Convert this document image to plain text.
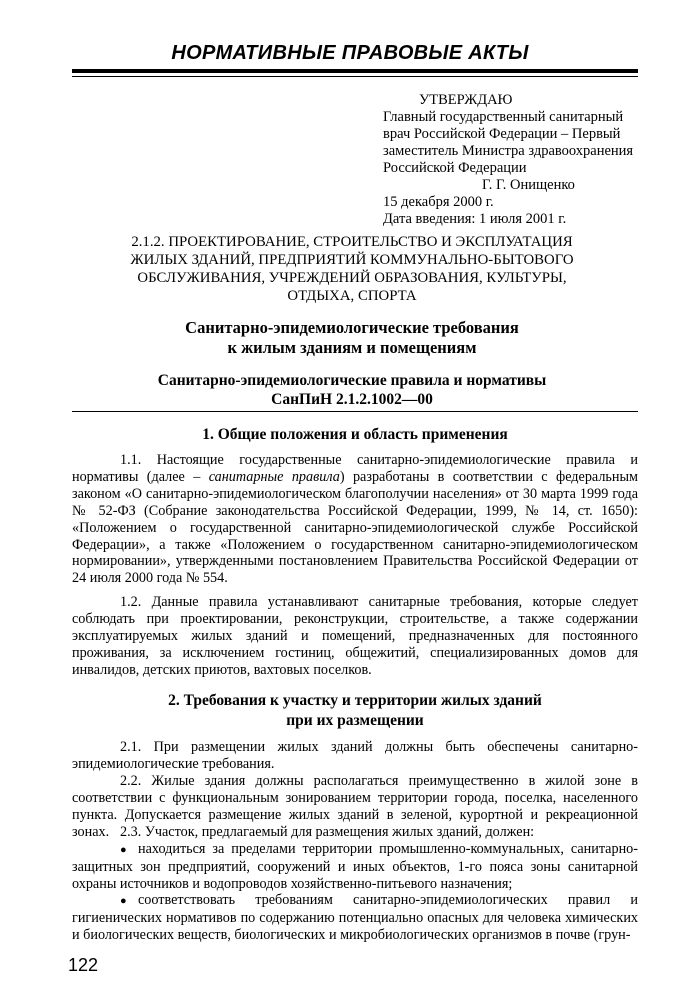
НОРМАТИВНЫЕ ПРАВОВЫЕ АКТЫ
УТВЕРЖДАЮ
Главный государственный санитарный
врач Российской Федерации – Первый
заместитель Министра здравоохранения
Российской Федерации
Г. Г. Онищенко
15 декабря 2000 г.
Дата введения: 1 июля 2001 г.
2.1.2. ПРОЕКТИРОВАНИЕ, СТРОИТЕЛЬСТВО И ЭКСПЛУАТАЦИЯ
ЖИЛЫХ ЗДАНИЙ, ПРЕДПРИЯТИЙ КОММУНАЛЬНО-БЫТОВОГО
ОБСЛУЖИВАНИЯ, УЧРЕЖДЕНИЙ ОБРАЗОВАНИЯ, КУЛЬТУРЫ,
ОТДЫХА, СПОРТА
Санитарно-эпидемиологические требования
к жилым зданиям и помещениям
Санитарно-эпидемиологические правила и нормативы
СанПиН 2.1.2.1002—00
1. Общие положения и область применения
1.1. Настоящие государственные санитарно-эпидемиологические правила и нормативы (далее – санитарные правила) разработаны в соответствии с федеральным законом «О санитарно-эпидемиологическом благополучии населения» от 30 марта 1999 года № 52-ФЗ (Собрание законодательства Российской Федерации, 1999, № 14, ст. 1650): «Положением о государственной санитарно-эпидемиологической службе Российской Федерации», а также «Положением о государственном санитарно-эпидемиологическом нормировании», утвержденными постановлением Правительства Российской Федерации от 24 июля 2000 года № 554.
1.2. Данные правила устанавливают санитарные требования, которые следует соблюдать при проектировании, реконструкции, строительстве, а также содержании эксплуатируемых жилых зданий и помещений, предназначенных для постоянного проживания, за исключением гостиниц, общежитий, специализированных домов для инвалидов, детских приютов, вахтовых поселков.
2. Требования к участку и территории жилых зданий
при их размещении
2.1. При размещении жилых зданий должны быть обеспечены санитарно-эпидемиологические требования.
2.2. Жилые здания должны располагаться преимущественно в жилой зоне в соответствии с функциональным зонированием территории города, поселка, населенного пункта. Допускается размещение жилых зданий в зеленой, курортной и рекреационной зонах. 2.3. Участок, предлагаемый для размещения жилых зданий, должен:
● находиться за пределами территории промышленно-коммунальных, санитарно-защитных зон предприятий, сооружений и иных объектов, 1-го пояса зоны санитарной охраны источников и водопроводов хозяйственно-питьевого назначения;
● соответствовать требованиям санитарно-эпидемиологических правил и гигиенических нормативов по содержанию потенциально опасных для человека химических и биологических веществ, биологических и микробиологических организмов в почве (грун-
122
